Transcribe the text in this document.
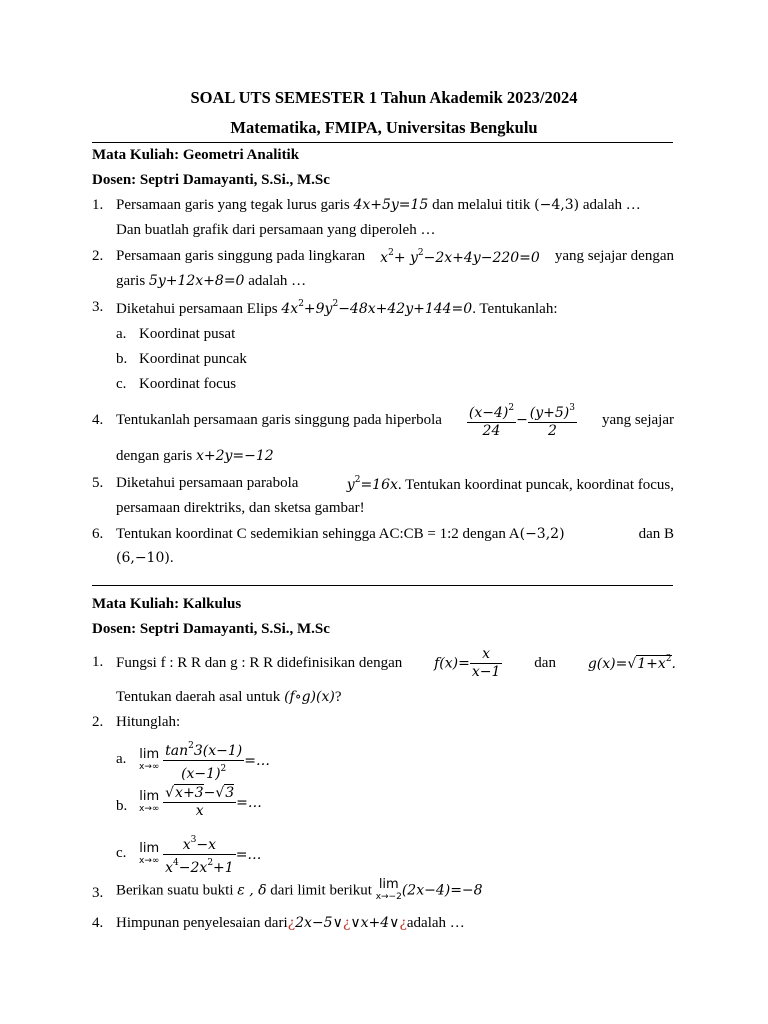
SOAL UTS SEMESTER 1 Tahun Akademik 2023/2024
Matematika, FMIPA, Universitas Bengkulu
Mata Kuliah: Geometri Analitik
Dosen: Septri Damayanti, S.Si., M.Sc
1. Persamaan garis yang tegak lurus garis 4x+5y=15 dan melalui titik (−4,3) adalah …
Dan buatlah grafik dari persamaan yang diperoleh …
2. Persamaan garis singgung pada lingkaran $x^2+ y^2-2x+4y-220=0$ yang sejajar dengan
garis 5y+12x+8=0 adalah …
3. Diketahui persamaan Elips $4x^2+9y^2-48x+42y+144=0$. Tentukanlah:
a. Koordinat pusat
b. Koordinat puncak
c. Koordinat focus
4. Tentukanlah persamaan garis singgung pada hiperbola $\frac{(x-4)^2}{24} - \frac{(y+5)^3}{2}$ yang sejajar
dengan garis x+2y=−12
5. Diketahui persamaan parabola	$y^2=16x$. Tentukan koordinat puncak, koordinat focus,
persamaan direktriks, dan sketsa gambar!
6. Tentukan koordinat C sedemikian sehingga AC:CB = 1:2 dengan A(−3,2)	dan B
(6,−10).
Mata Kuliah: Kalkulus
Dosen: Septri Damayanti, S.Si., M.Sc
1. Fungsi f : R R dan g : R R didefinisikan dengan $f(x)= \frac{x}{x-1}$ dan $g(x)=√1+x^2$.
Tentukan daerah asal untuk (f∘g)(x)?
2. Hitunglah:
a. lim
x→∞
$\frac{\tan^23(x-1)}{(x-1)^2}$ =…
b.
lim
x→∞
$\frac{√x+3-√3}{x}$ =…
c. lim
x→∞
$\frac{x^3-x}{x^4-2x^2+1}$ =…
3. Berikan suatu bukti ε , δ dari limit berikut lim
x→−2 (2x−4)=−8
4. Himpunan penyelesaian dari¿2x−5∨¿∨x+4∨¿adalah …
